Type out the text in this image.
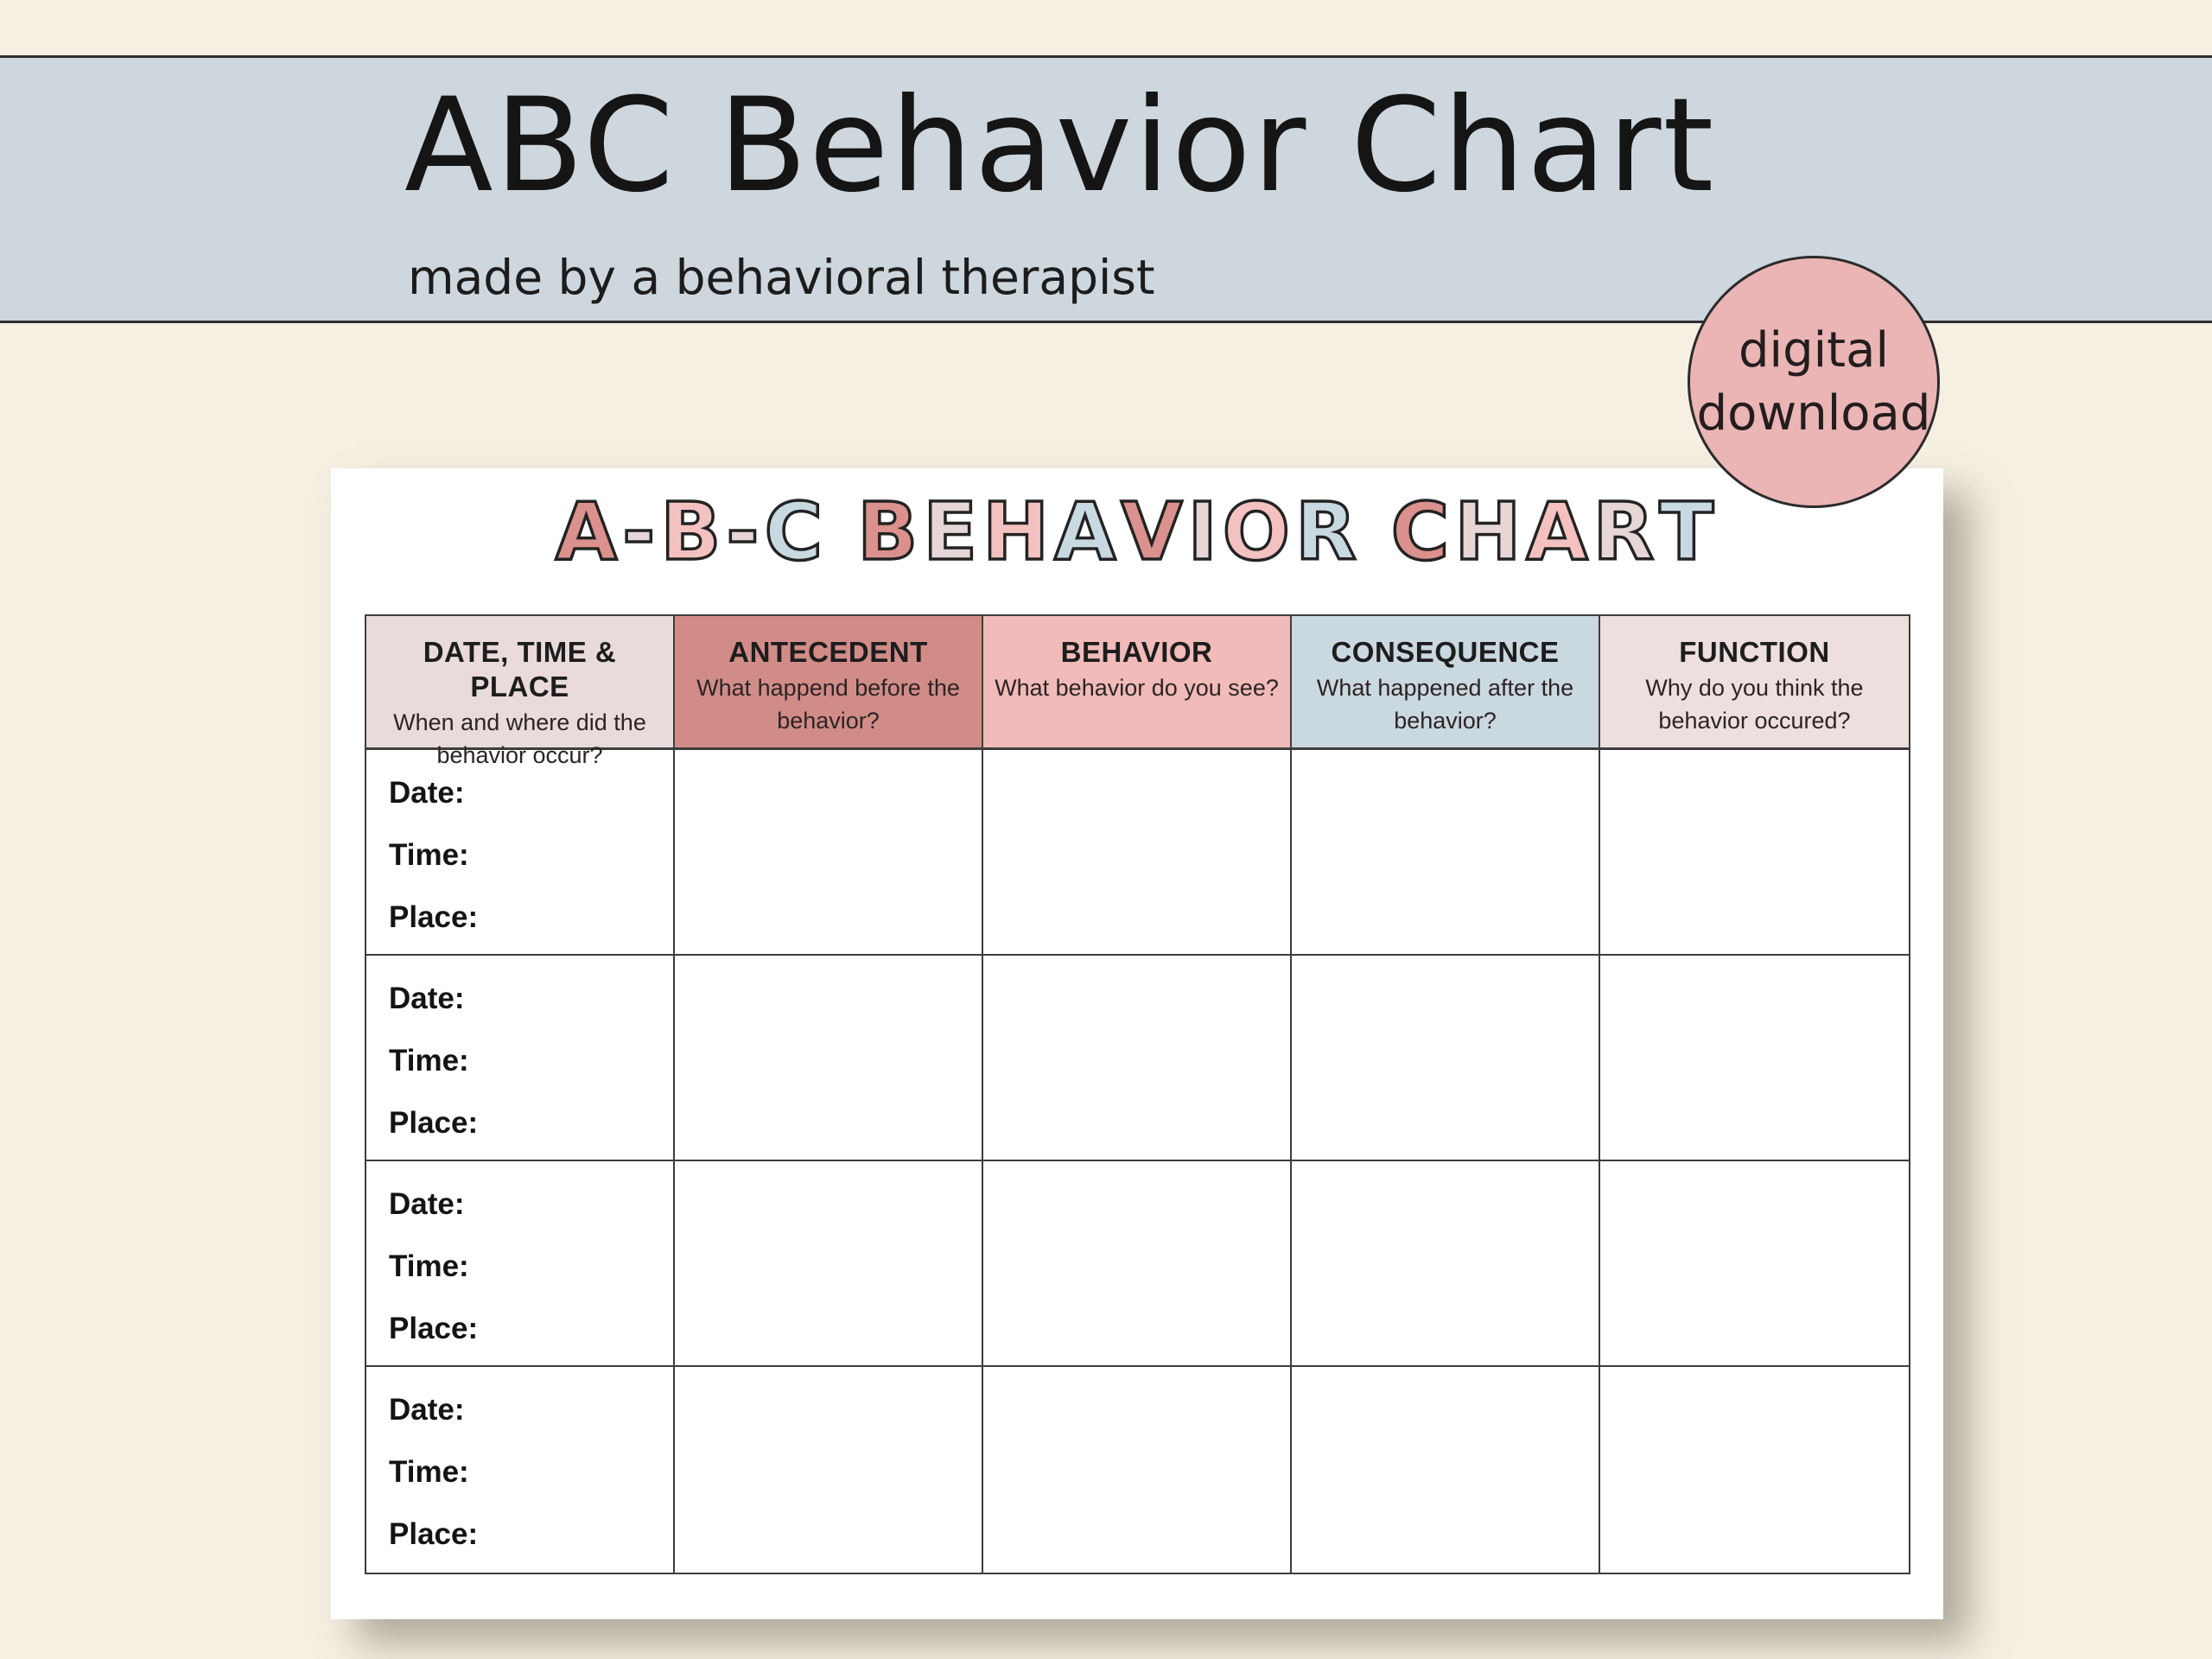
ABC Behavior Chart
made by a behavioral therapist
digital
download
A-B-C BEHAVIOR CHART
DATE, TIME & PLACE
When and where did the behavior occur?
ANTECEDENT
What happend before the behavior?
BEHAVIOR
What behavior do you see?
CONSEQUENCE
What happened after the behavior?
FUNCTION
Why do you think the behavior occured?
Date:
Time:
Place:
Date:
Time:
Place:
Date:
Time:
Place:
Date:
Time:
Place:
